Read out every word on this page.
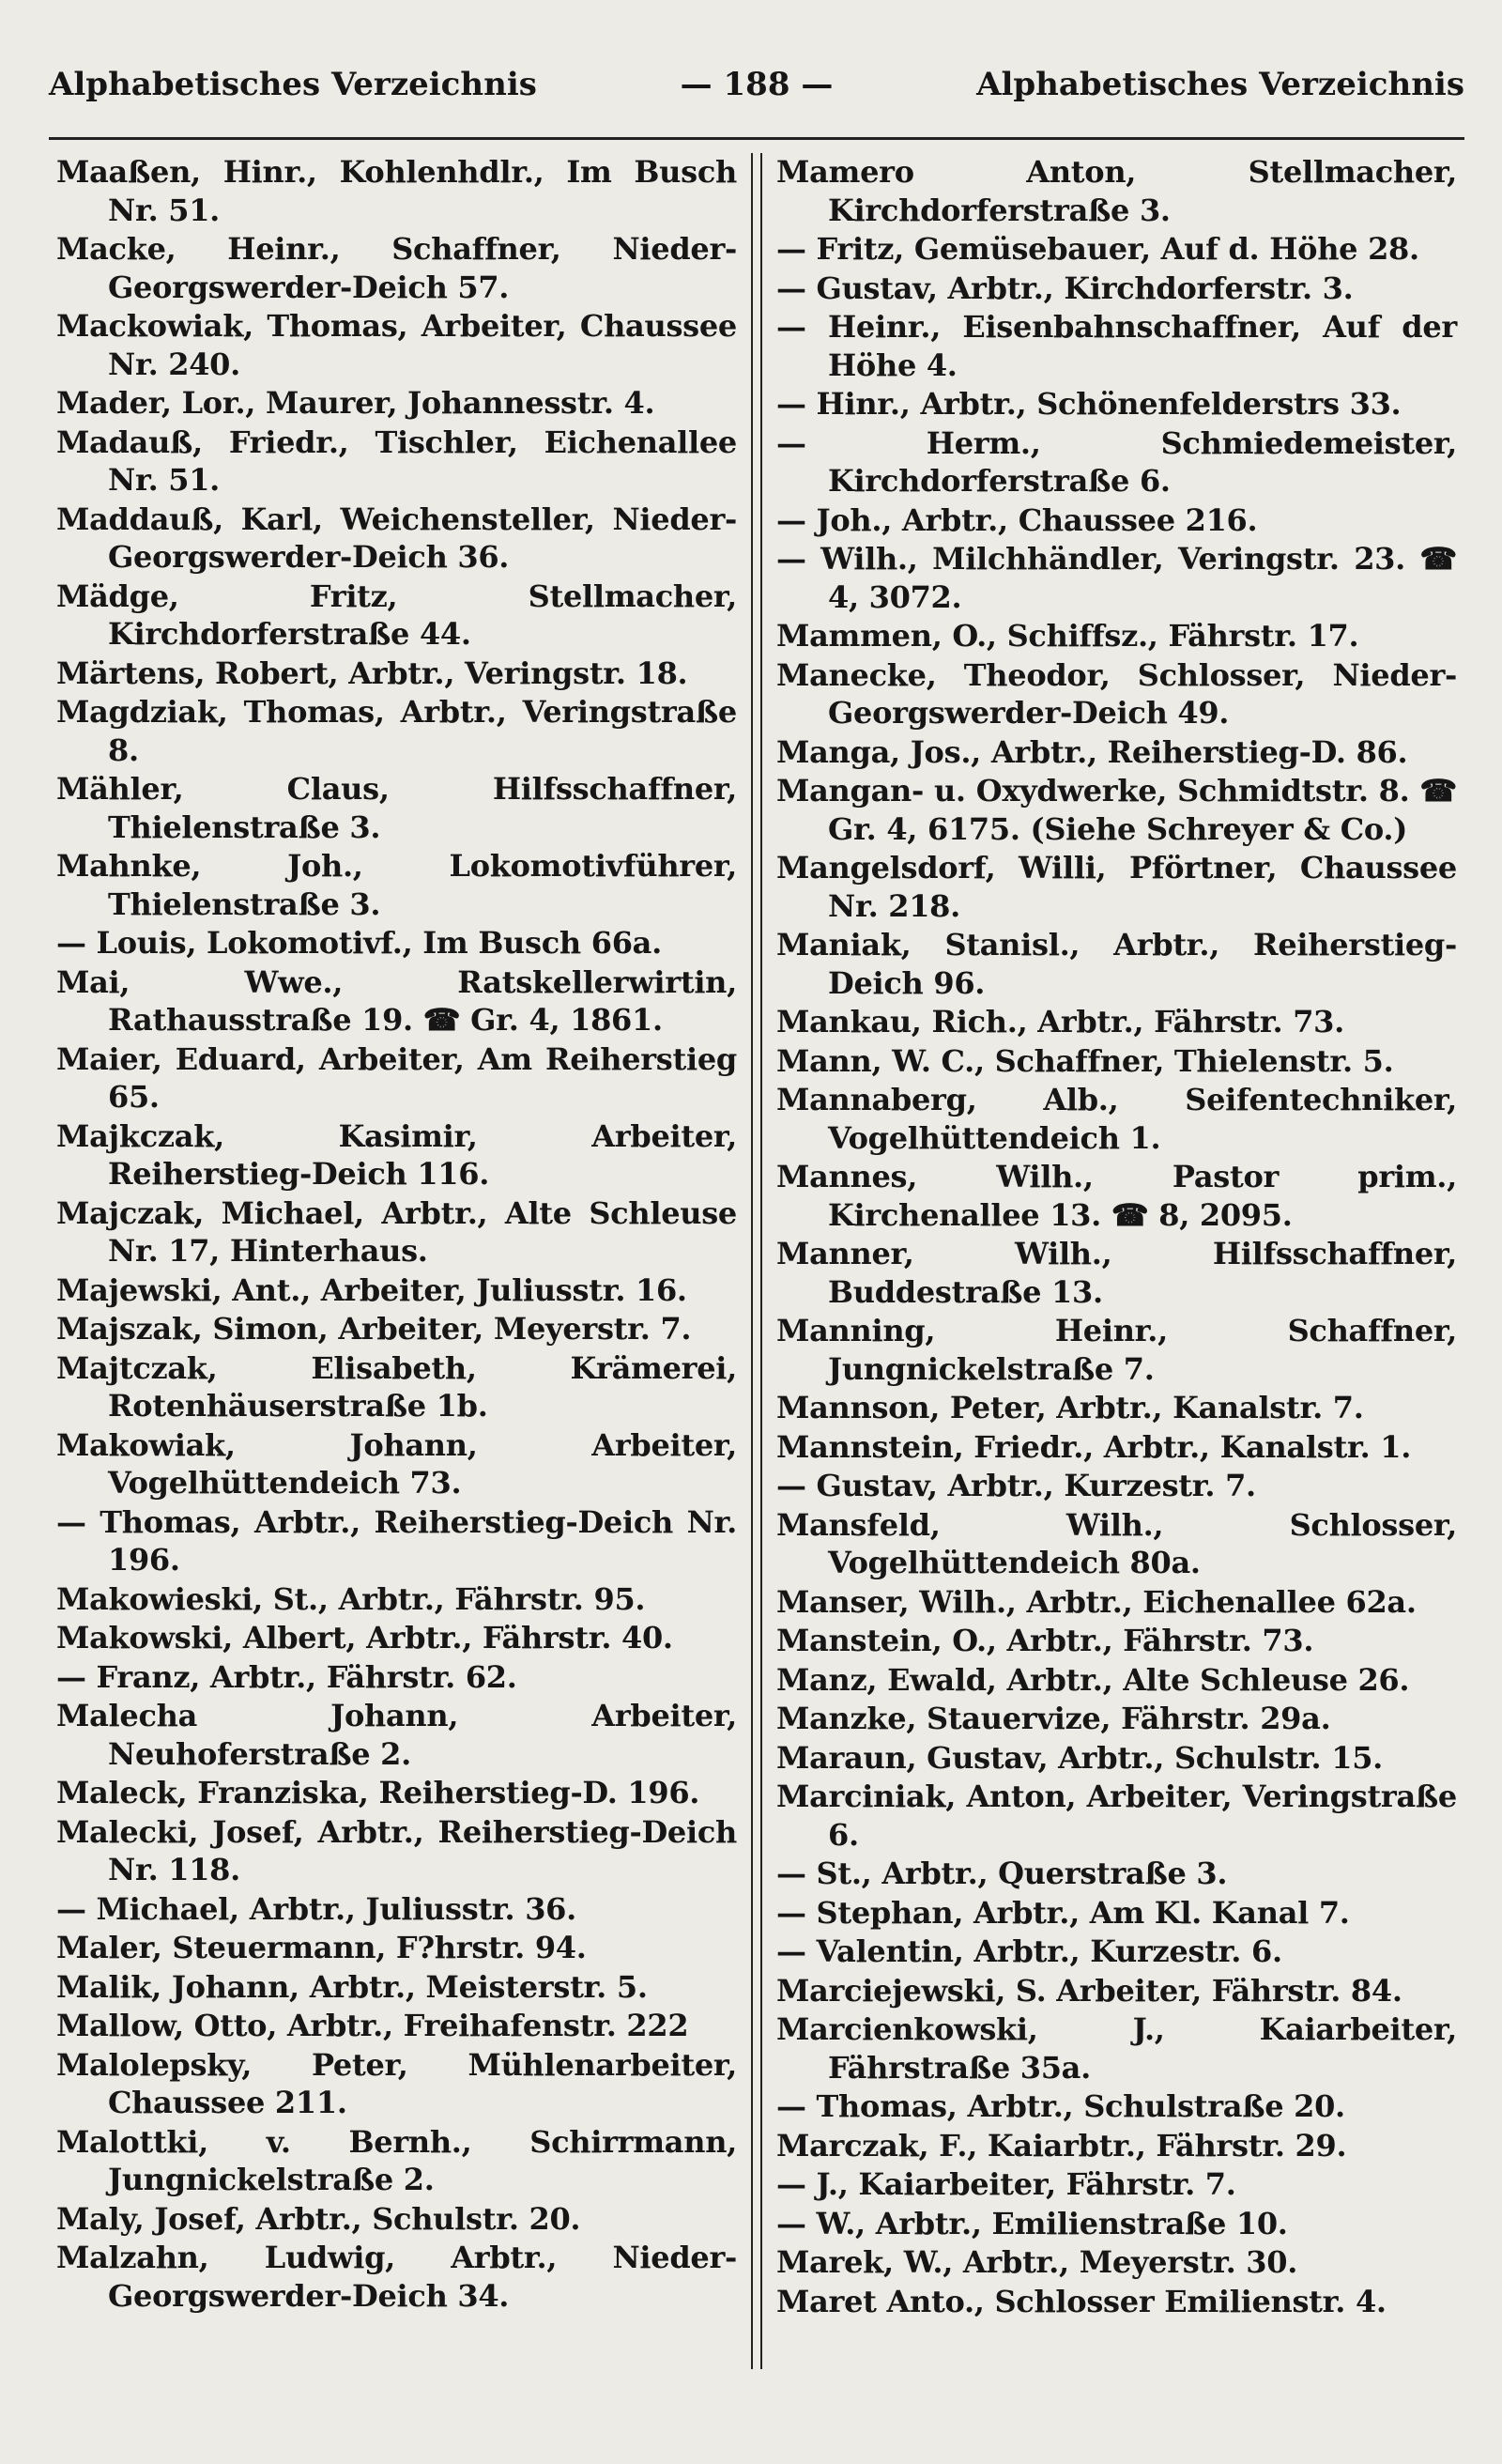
Alphabetisches Verzeichnis	— 188 —	Alphabetisches Verzeichnis
Maaßen, Hinr., Kohlenhdlr., Im Busch Nr. 51.
Macke, Heinr., Schaffner, Nieder-Georgswerder-Deich 57.
Mackowiak, Thomas, Arbeiter, Chaussee Nr. 240.
Mader, Lor., Maurer, Johannesstr. 4.
Madauß, Friedr., Tischler, Eichenallee Nr. 51.
Maddauß, Karl, Weichensteller, Nieder-Georgswerder-Deich 36.
Mädge, Fritz, Stellmacher, Kirchdorferstraße 44.
Märtens, Robert, Arbtr., Veringstr. 18.
Magdziak, Thomas, Arbtr., Veringstraße 8.
Mähler, Claus, Hilfsschaffner, Thielenstraße 3.
Mahnke, Joh., Lokomotivführer, Thielenstraße 3.
— Louis, Lokomotivf., Im Busch 66a.
Mai, Wwe., Ratskellerwirtin, Rathausstraße 19. ☎ Gr. 4, 1861.
Maier, Eduard, Arbeiter, Am Reiherstieg 65.
Majkczak, Kasimir, Arbeiter, Reiherstieg-Deich 116.
Majczak, Michael, Arbtr., Alte Schleuse Nr. 17, Hinterhaus.
Majewski, Ant., Arbeiter, Juliusstr. 16.
Majszak, Simon, Arbeiter, Meyerstr. 7.
Majtczak, Elisabeth, Krämerei, Rotenhäuserstraße 1b.
Makowiak, Johann, Arbeiter, Vogelhüttendeich 73.
— Thomas, Arbtr., Reiherstieg-Deich Nr. 196.
Makowieski, St., Arbtr., Fährstr. 95.
Makowski, Albert, Arbtr., Fährstr. 40.
— Franz, Arbtr., Fährstr. 62.
Malecha Johann, Arbeiter, Neuhoferstraße 2.
Maleck, Franziska, Reiherstieg-D. 196.
Malecki, Josef, Arbtr., Reiherstieg-Deich Nr. 118.
— Michael, Arbtr., Juliusstr. 36.
Maler, Steuermann, F?hrstr. 94.
Malik, Johann, Arbtr., Meisterstr. 5.
Mallow, Otto, Arbtr., Freihafenstr. 222
Malolepsky, Peter, Mühlenarbeiter, Chaussee 211.
Malottki, v. Bernh., Schirrmann, Jungnickelstraße 2.
Maly, Josef, Arbtr., Schulstr. 20.
Malzahn, Ludwig, Arbtr., Nieder-Georgswerder-Deich 34.
Mamero Anton, Stellmacher, Kirchdorferstraße 3.
— Fritz, Gemüsebauer, Auf d. Höhe 28.
— Gustav, Arbtr., Kirchdorferstr. 3.
— Heinr., Eisenbahnschaffner, Auf der Höhe 4.
— Hinr., Arbtr., Schönenfelderstrs 33.
— Herm., Schmiedemeister, Kirchdorferstraße 6.
— Joh., Arbtr., Chaussee 216.
— Wilh., Milchhändler, Veringstr. 23. ☎ 4, 3072.
Mammen, O., Schiffsz., Fährstr. 17.
Manecke, Theodor, Schlosser, Nieder-Georgswerder-Deich 49.
Manga, Jos., Arbtr., Reiherstieg-D. 86.
Mangan- u. Oxydwerke, Schmidtstr. 8. ☎ Gr. 4, 6175. (Siehe Schreyer & Co.)
Mangelsdorf, Willi, Pförtner, Chaussee Nr. 218.
Maniak, Stanisl., Arbtr., Reiherstieg-Deich 96.
Mankau, Rich., Arbtr., Fährstr. 73.
Mann, W. C., Schaffner, Thielenstr. 5.
Mannaberg, Alb., Seifentechniker, Vogelhüttendeich 1.
Mannes, Wilh., Pastor prim., Kirchenallee 13. ☎ 8, 2095.
Manner, Wilh., Hilfsschaffner, Buddestraße 13.
Manning, Heinr., Schaffner, Jungnickelstraße 7.
Mannson, Peter, Arbtr., Kanalstr. 7.
Mannstein, Friedr., Arbtr., Kanalstr. 1.
— Gustav, Arbtr., Kurzestr. 7.
Mansfeld, Wilh., Schlosser, Vogelhüttendeich 80a.
Manser, Wilh., Arbtr., Eichenallee 62a.
Manstein, O., Arbtr., Fährstr. 73.
Manz, Ewald, Arbtr., Alte Schleuse 26.
Manzke, Stauervize, Fährstr. 29a.
Maraun, Gustav, Arbtr., Schulstr. 15.
Marciniak, Anton, Arbeiter, Veringstraße 6.
— St., Arbtr., Querstraße 3.
— Stephan, Arbtr., Am Kl. Kanal 7.
— Valentin, Arbtr., Kurzestr. 6.
Marciejewski, S. Arbeiter, Fährstr. 84.
Marcienkowski, J., Kaiarbeiter, Fährstraße 35a.
— Thomas, Arbtr., Schulstraße 20.
Marczak, F., Kaiarbtr., Fährstr. 29.
— J., Kaiarbeiter, Fährstr. 7.
— W., Arbtr., Emilienstraße 10.
Marek, W., Arbtr., Meyerstr. 30.
Maret Anto., Schlosser Emilienstr. 4.
